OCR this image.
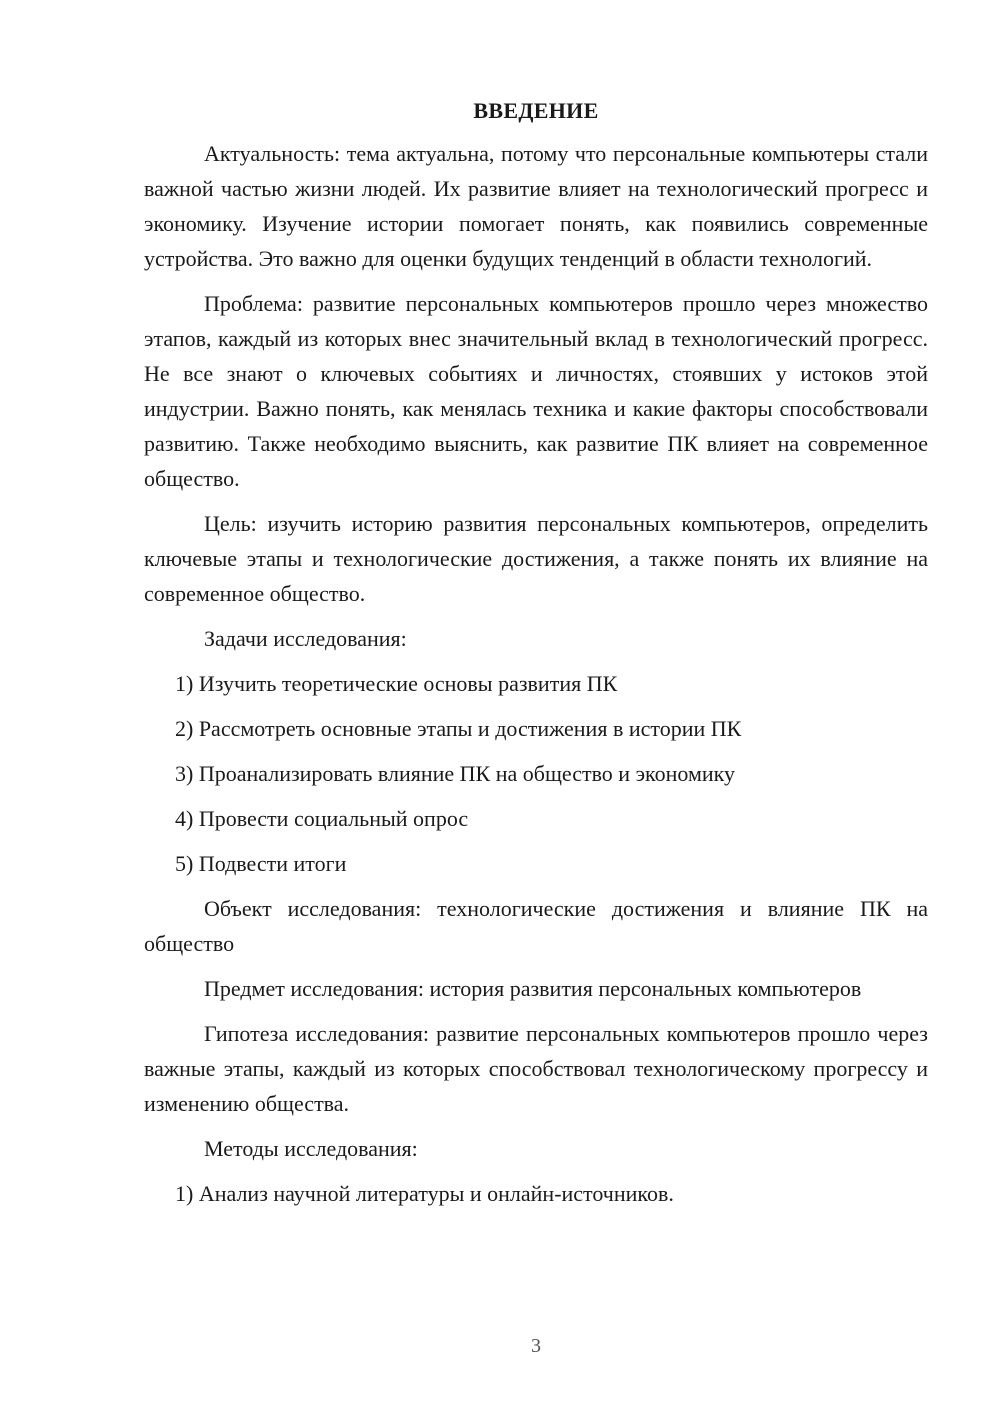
ВВЕДЕНИЕ

Актуальность: тема актуальна, потому что персональные компьютеры стали важной частью жизни людей. Их развитие влияет на технологический прогресс и экономику. Изучение истории помогает понять, как появились современные устройства. Это важно для оценки будущих тенденций в области технологий.

Проблема: развитие персональных компьютеров прошло через множество этапов, каждый из которых внес значительный вклад в технологический прогресс. Не все знают о ключевых событиях и личностях, стоявших у истоков этой индустрии. Важно понять, как менялась техника и какие факторы способствовали развитию. Также необходимо выяснить, как развитие ПК влияет на современное общество.

Цель: изучить историю развития персональных компьютеров, определить ключевые этапы и технологические достижения, а также понять их влияние на современное общество.

Задачи исследования:
1) Изучить теоретические основы развития ПК
2) Рассмотреть основные этапы и достижения в истории ПК
3) Проанализировать влияние ПК на общество и экономику
4) Провести социальный опрос
5) Подвести итоги

Объект исследования: технологические достижения и влияние ПК на общество

Предмет исследования: история развития персональных компьютеров

Гипотеза исследования: развитие персональных компьютеров прошло через важные этапы, каждый из которых способствовал технологическому прогрессу и изменению общества.

Методы исследования:
1) Анализ научной литературы и онлайн-источников.
3
